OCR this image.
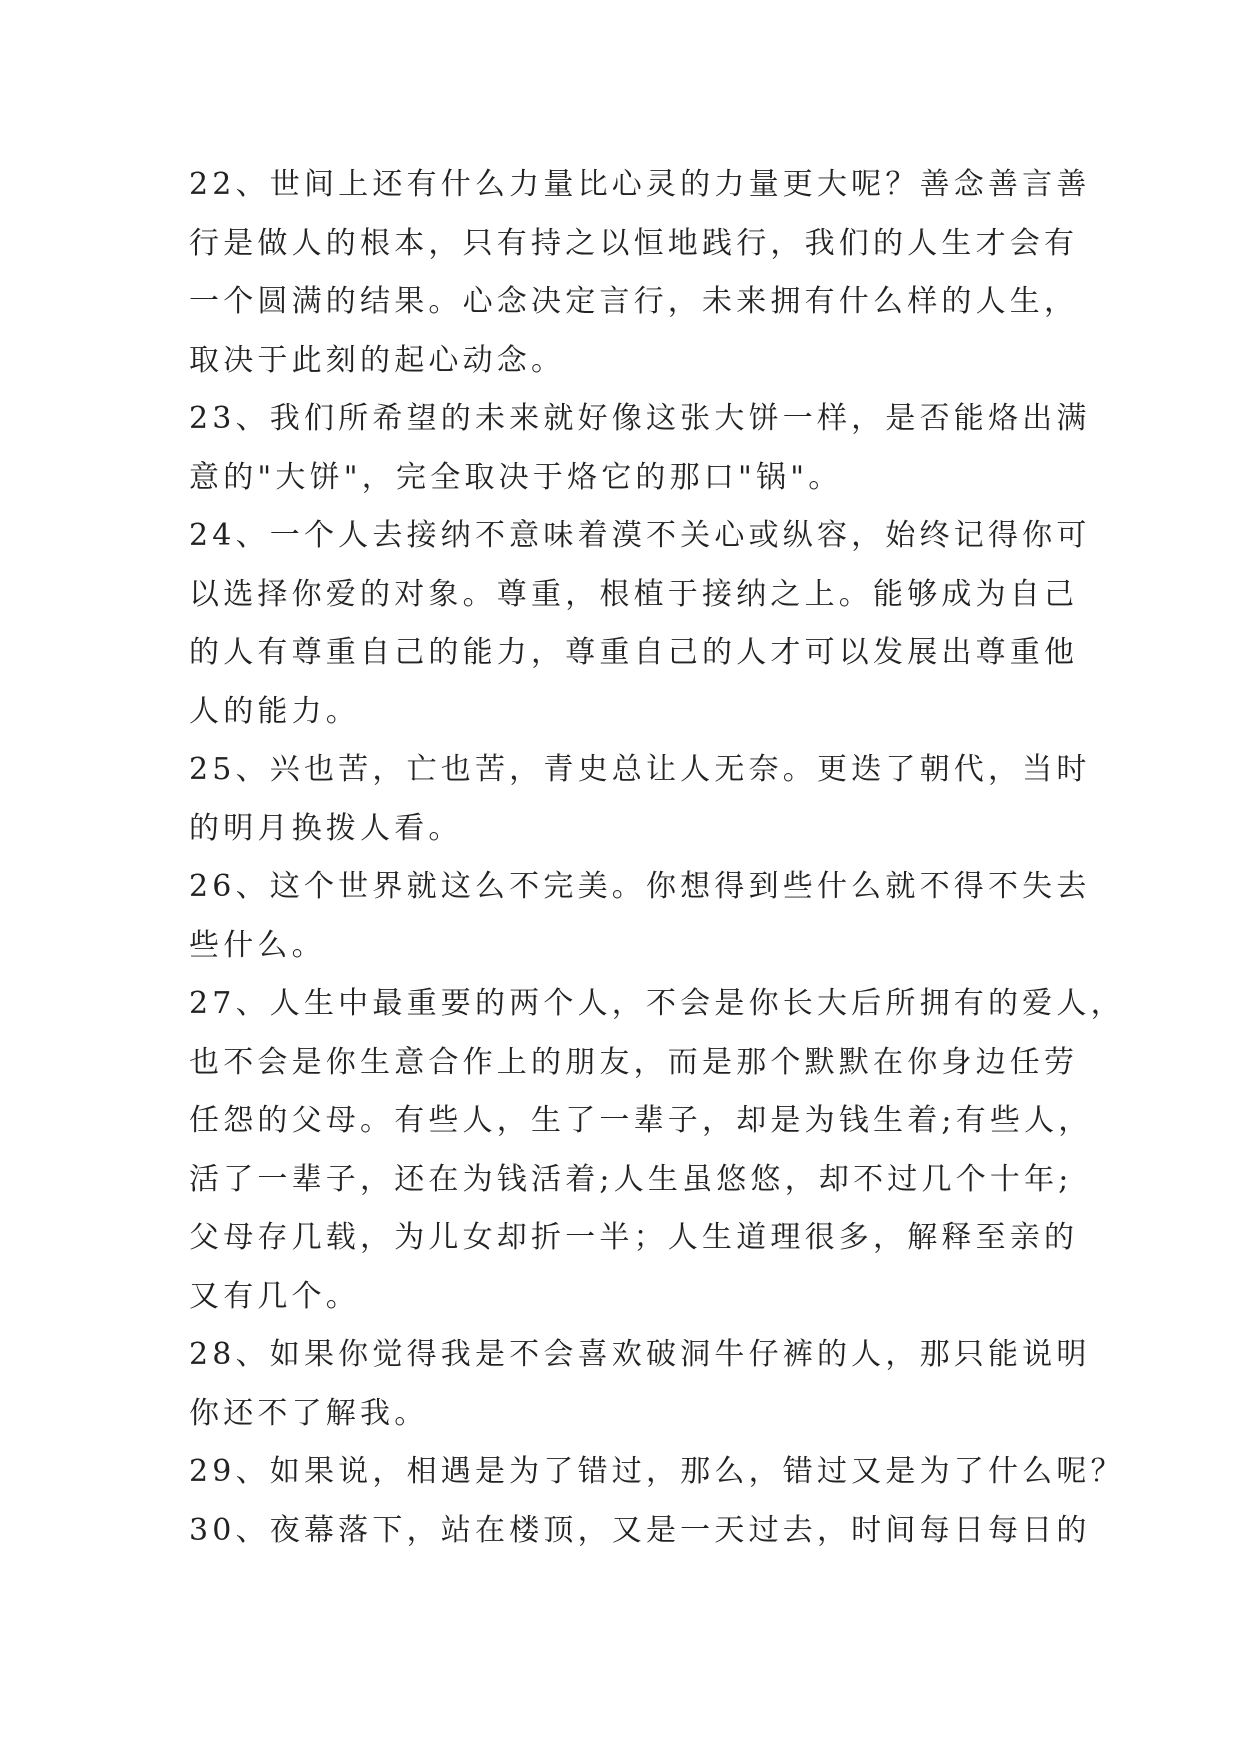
22、世间上还有什么力量比心灵的力量更大呢？善念善言善
行是做人的根本，只有持之以恒地践行，我们的人生才会有
一个圆满的结果。心念决定言行，未来拥有什么样的人生，
取决于此刻的起心动念。
23、我们所希望的未来就好像这张大饼一样，是否能烙出满
意的"大饼"，完全取决于烙它的那口"锅"。
24、一个人去接纳不意味着漠不关心或纵容，始终记得你可
以选择你爱的对象。尊重，根植于接纳之上。能够成为自己
的人有尊重自己的能力，尊重自己的人才可以发展出尊重他
人的能力。
25、兴也苦，亡也苦，青史总让人无奈。更迭了朝代，当时
的明月换拨人看。
26、这个世界就这么不完美。你想得到些什么就不得不失去
些什么。
27、人生中最重要的两个人，不会是你长大后所拥有的爱人，
也不会是你生意合作上的朋友，而是那个默默在你身边任劳
任怨的父母。有些人，生了一辈子，却是为钱生着;有些人，
活了一辈子，还在为钱活着;人生虽悠悠，却不过几个十年;
父母存几载，为儿女却折一半；人生道理很多，解释至亲的
又有几个。
28、如果你觉得我是不会喜欢破洞牛仔裤的人，那只能说明
你还不了解我。
29、如果说，相遇是为了错过，那么，错过又是为了什么呢？
30、夜幕落下，站在楼顶，又是一天过去，时间每日每日的
